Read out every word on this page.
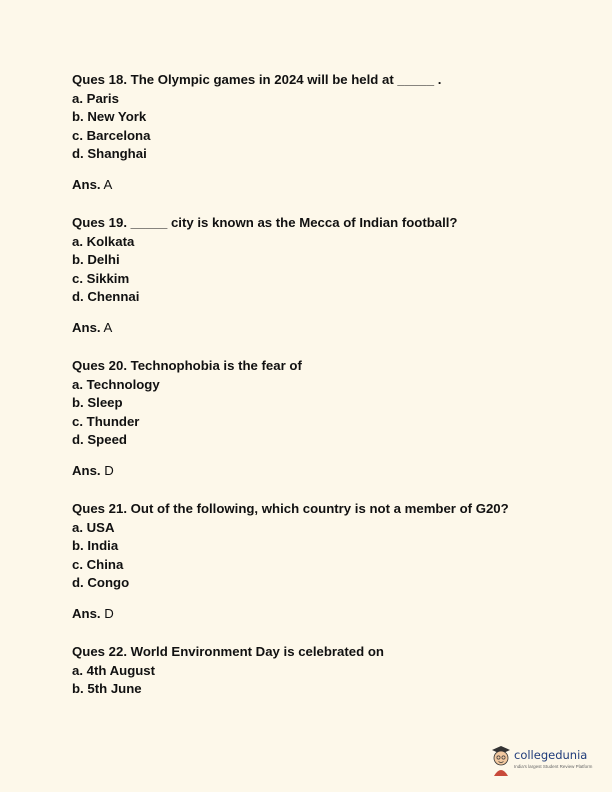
Ques 18. The Olympic games in 2024 will be held at _____ .
a. Paris
b. New York
c. Barcelona
d. Shanghai
Ans. A
Ques 19. _____ city is known as the Mecca of Indian football?
a. Kolkata
b. Delhi
c. Sikkim
d. Chennai
Ans. A
Ques 20. Technophobia is the fear of
a. Technology
b. Sleep
c. Thunder
d. Speed
Ans. D
Ques 21. Out of the following, which country is not a member of G20?
a. USA
b. India
c. China
d. Congo
Ans. D
Ques 22. World Environment Day is celebrated on
a. 4th August
b. 5th June
collegedunia
India's largest Student Review Platform
